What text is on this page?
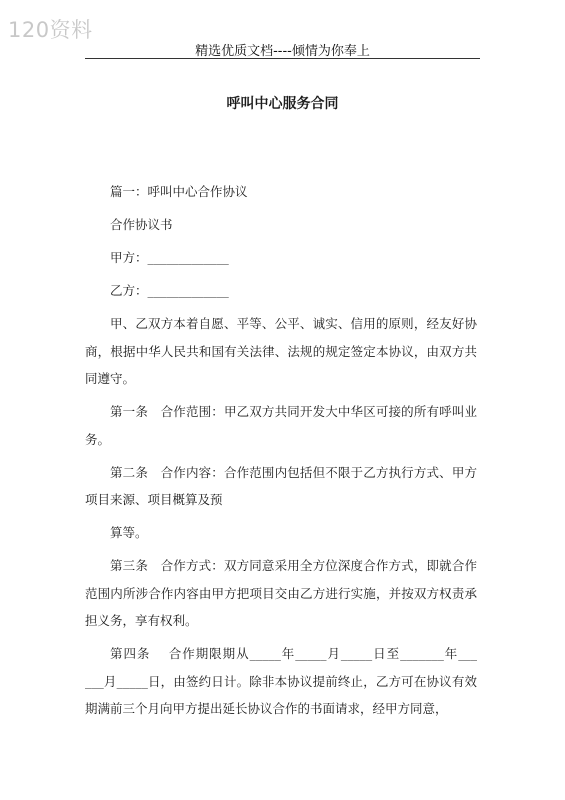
120资料
精选优质文档----倾情为你奉上
呼叫中心服务合同

篇一：呼叫中心合作协议

合作协议书

甲方：_____________

乙方：_____________

甲、乙双方本着自愿、平等、公平、诚实、信用的原则，经友好协商，根据中华人民共和国有关法律、法规的规定签定本协议，由双方共同遵守。

第一条　合作范围：甲乙双方共同开发大中华区可接的所有呼叫业务。

第二条　合作内容：合作范围内包括但不限于乙方执行方式、甲方项目来源、项目概算及预

算等。

第三条　合作方式：双方同意采用全方位深度合作方式，即就合作范围内所涉合作内容由甲方把项目交由乙方进行实施，并按双方权责承担义务，享有权利。

第四条　 合作期限期从_____年_____月_____日至_______年___ ___月_____日，由签约日计。除非本协议提前终止，乙方可在协议有效期满前三个月向甲方提出延长协议合作的书面请求，经甲方同意，
